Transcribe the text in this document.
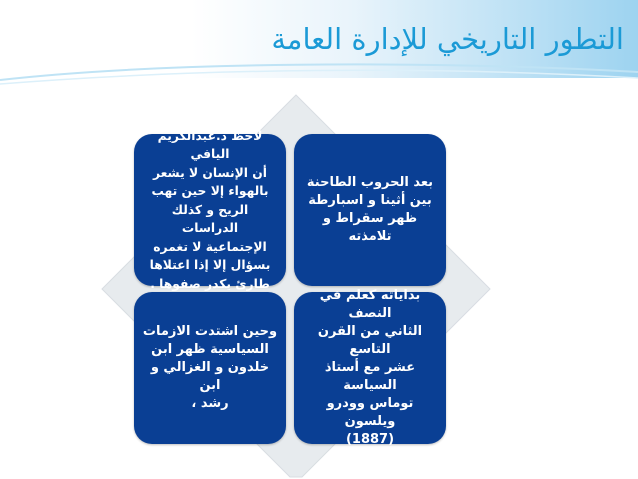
التطور التاريخي للإدارة العامة
لاحظ د.عبدالكريم اليافي
أن الإنسان لا يشعر
بالهواء إلا حين تهب
الريح و كذلك الدراسات
الإجتماعية لا تغمره
بسؤال إلا إذا اعتلاها
طارئ يكدر صفوها .
بعد الحروب الطاحنة
بين أثينا و اسبارطة
ظهر سقراط و تلامذته
وحين اشتدت الازمات
السياسية ظهر ابن
خلدون و الغزالي و ابن
رشد ،
بداياته كعلم في النصف
الثاني من القرن التاسع
عشر مع أستاذ السياسة
توماس وودرو ويلسون
(1887)
